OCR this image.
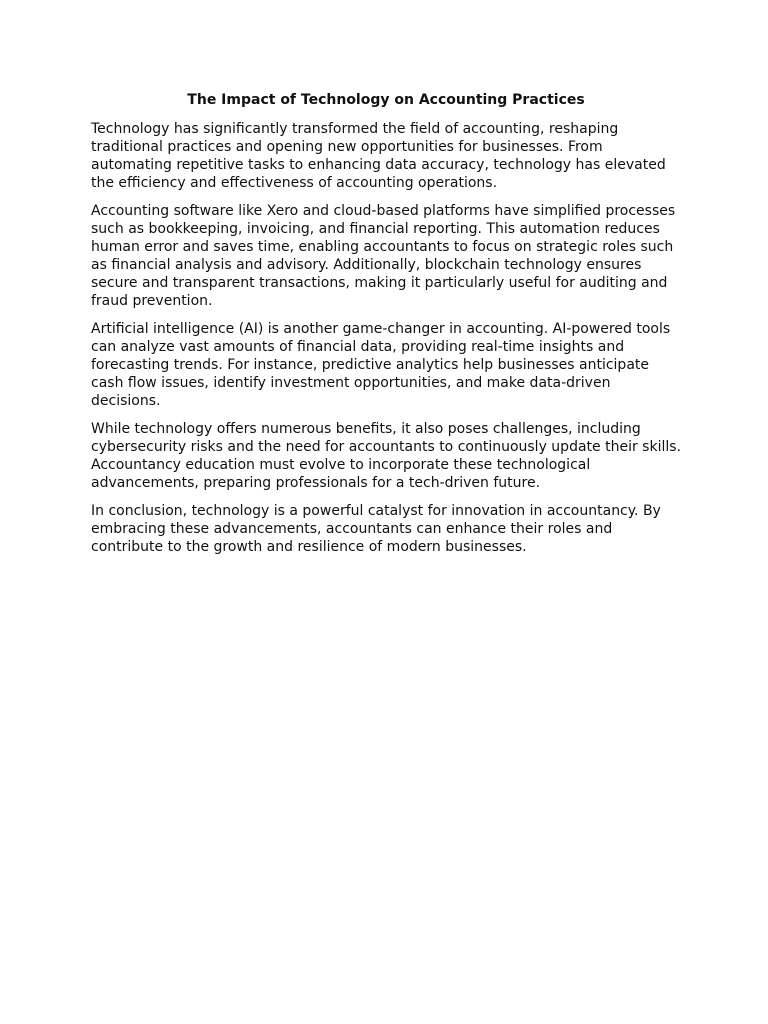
The Impact of Technology on Accounting Practices

Technology has significantly transformed the field of accounting, reshaping traditional practices and opening new opportunities for businesses. From automating repetitive tasks to enhancing data accuracy, technology has elevated the efficiency and effectiveness of accounting operations.

Accounting software like Xero and cloud-based platforms have simplified processes such as bookkeeping, invoicing, and financial reporting. This automation reduces human error and saves time, enabling accountants to focus on strategic roles such as financial analysis and advisory. Additionally, blockchain technology ensures secure and transparent transactions, making it particularly useful for auditing and fraud prevention.

Artificial intelligence (AI) is another game-changer in accounting. AI-powered tools can analyze vast amounts of financial data, providing real-time insights and forecasting trends. For instance, predictive analytics help businesses anticipate cash flow issues, identify investment opportunities, and make data-driven decisions.

While technology offers numerous benefits, it also poses challenges, including cybersecurity risks and the need for accountants to continuously update their skills. Accountancy education must evolve to incorporate these technological advancements, preparing professionals for a tech-driven future.

In conclusion, technology is a powerful catalyst for innovation in accountancy. By embracing these advancements, accountants can enhance their roles and contribute to the growth and resilience of modern businesses.
